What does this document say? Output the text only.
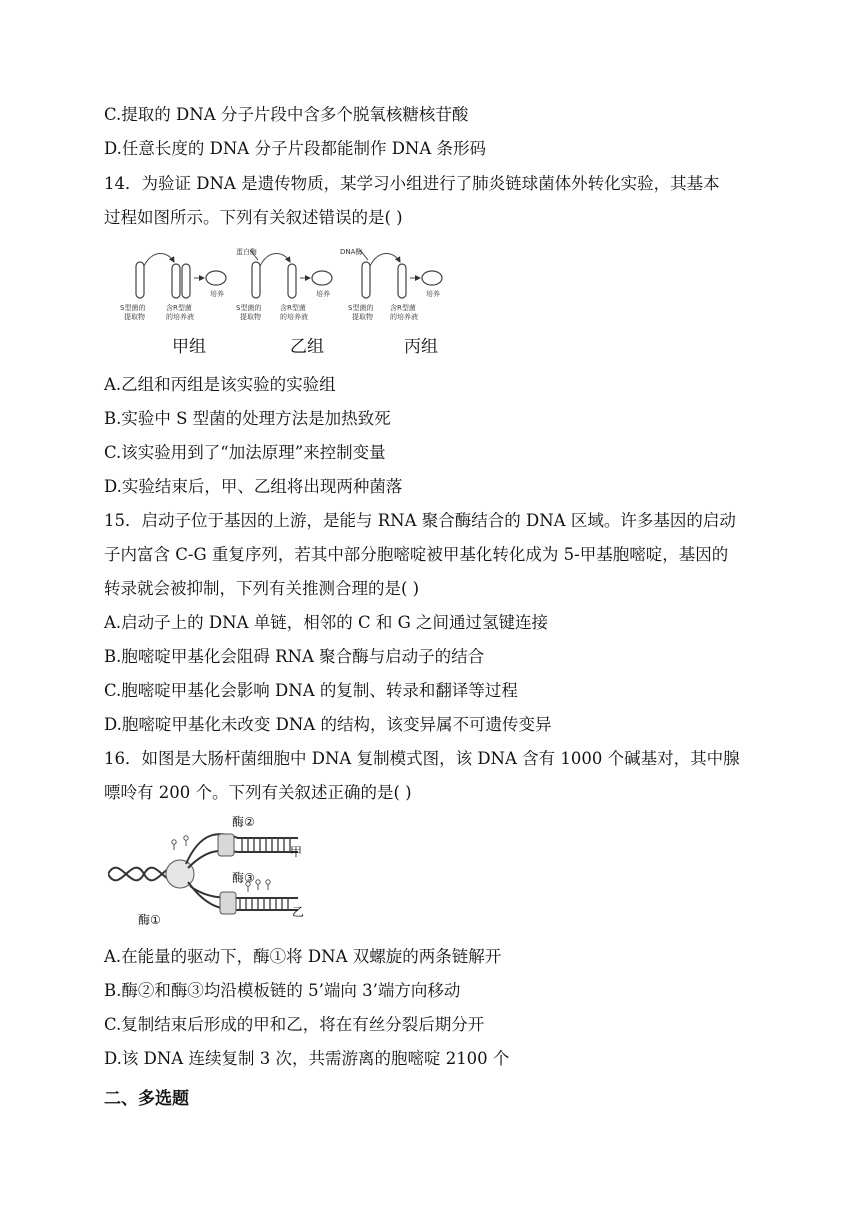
C.提取的 DNA 分子片段中含多个脱氧核糖核苷酸
D.任意长度的 DNA 分子片段都能制作 DNA 条形码
14．为验证 DNA 是遗传物质，某学习小组进行了肺炎链球菌体外转化实验，其基本
过程如图所示。下列有关叙述错误的是( )
蛋白酶	DNA酶
培养	培养	培养
S型菌的
提取物
含R型菌
的培养液
S型菌的
提取物
含R型菌
的培养液
S型菌的
提取物
含R型菌
的培养液
甲组	乙组	丙组
A.乙组和丙组是该实验的实验组
B.实验中 S 型菌的处理方法是加热致死
C.该实验用到了“加法原理”来控制变量
D.实验结束后，甲、乙组将出现两种菌落
15．启动子位于基因的上游，是能与 RNA 聚合酶结合的 DNA 区域。许多基因的启动
子内富含 C-G 重复序列，若其中部分胞嘧啶被甲基化转化成为 5-甲基胞嘧啶，基因的
转录就会被抑制，下列有关推测合理的是( )
A.启动子上的 DNA 单链，相邻的 C 和 G 之间通过氢键连接
B.胞嘧啶甲基化会阻碍 RNA 聚合酶与启动子的结合
C.胞嘧啶甲基化会影响 DNA 的复制、转录和翻译等过程
D.胞嘧啶甲基化未改变 DNA 的结构，该变异属不可遗传变异
16．如图是大肠杆菌细胞中 DNA 复制模式图，该 DNA 含有 1000 个碱基对，其中腺
嘌呤有 200 个。下列有关叙述正确的是( )
酶②
酶③
酶①
甲
乙
A.在能量的驱动下，酶①将 DNA 双螺旋的两条链解开
B.酶②和酶③均沿模板链的 5’端向 3’端方向移动
C.复制结束后形成的甲和乙，将在有丝分裂后期分开
D.该 DNA 连续复制 3 次，共需游离的胞嘧啶 2100 个
二、多选题
